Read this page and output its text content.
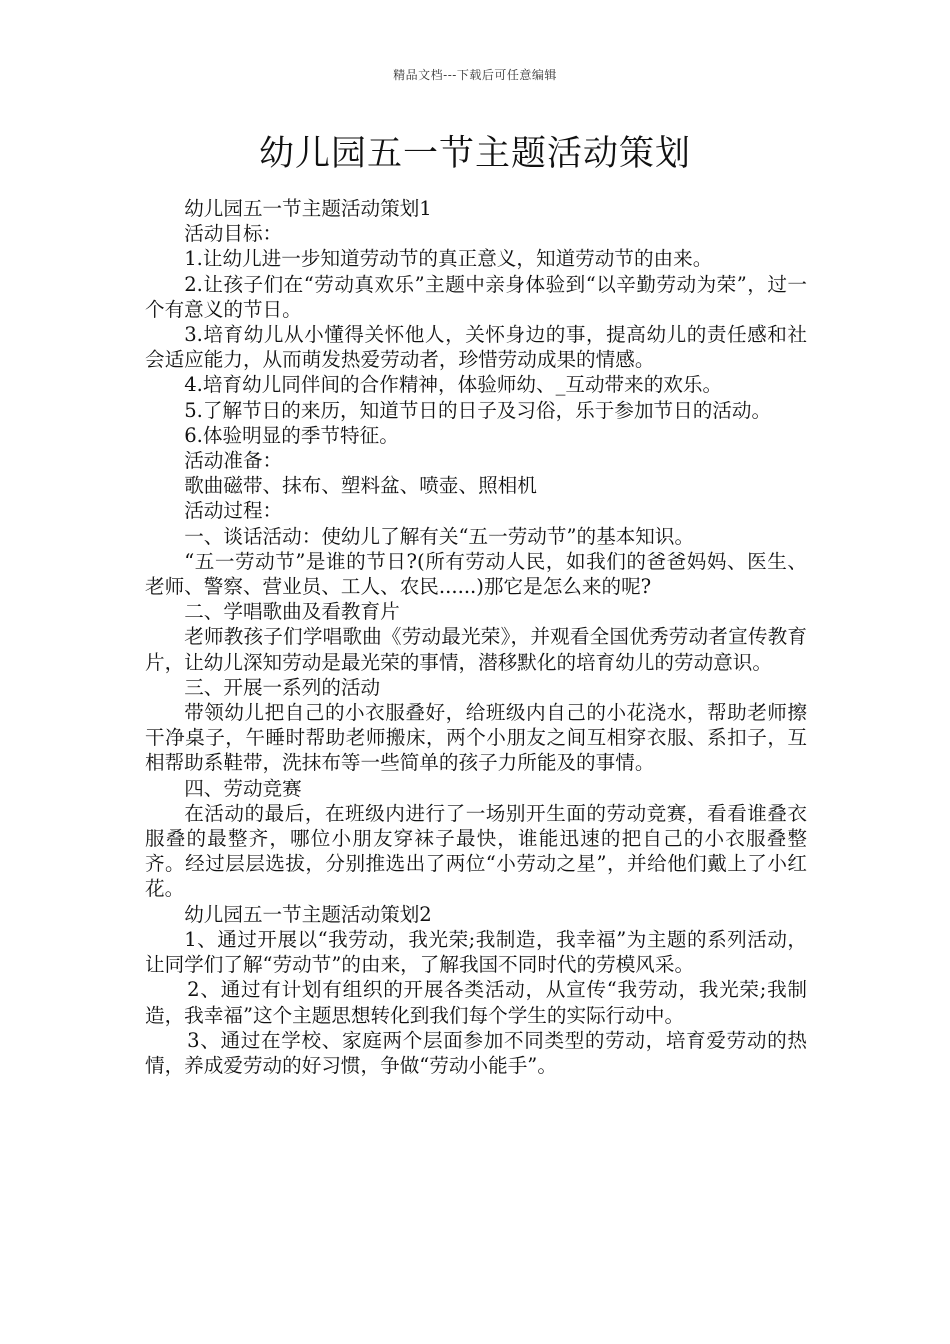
精品文档---下载后可任意编辑
幼儿园五一节主题活动策划

幼儿园五一节主题活动策划1

活动目标：

1.让幼儿进一步知道劳动节的真正意义，知道劳动节的由来。

2.让孩子们在“劳动真欢乐”主题中亲身体验到“以辛勤劳动为荣”，过一个有意义的节日。

3.培育幼儿从小懂得关怀他人，关怀身边的事，提高幼儿的责任感和社会适应能力，从而萌发热爱劳动者，珍惜劳动成果的情感。

4.培育幼儿同伴间的合作精神，体验师幼、_互动带来的欢乐。

5.了解节日的来历，知道节日的日子及习俗，乐于参加节日的活动。

6.体验明显的季节特征。

活动准备：

歌曲磁带、抹布、塑料盆、喷壶、照相机

活动过程：

一、谈话活动：使幼儿了解有关“五一劳动节”的基本知识。

“五一劳动节”是谁的节日?(所有劳动人民，如我们的爸爸妈妈、医生、老师、警察、营业员、工人、农民......)那它是怎么来的呢?

二、学唱歌曲及看教育片

老师教孩子们学唱歌曲《劳动最光荣》，并观看全国优秀劳动者宣传教育片，让幼儿深知劳动是最光荣的事情，潜移默化的培育幼儿的劳动意识。

三、开展一系列的活动

带领幼儿把自己的小衣服叠好，给班级内自己的小花浇水，帮助老师擦干净桌子，午睡时帮助老师搬床，两个小朋友之间互相穿衣服、系扣子，互相帮助系鞋带，洗抹布等一些简单的孩子力所能及的事情。

四、劳动竞赛

在活动的最后，在班级内进行了一场别开生面的劳动竞赛，看看谁叠衣服叠的最整齐，哪位小朋友穿袜子最快，谁能迅速的把自己的小衣服叠整齐。经过层层选拔，分别推选出了两位“小劳动之星”，并给他们戴上了小红花。

幼儿园五一节主题活动策划2

1、通过开展以“我劳动，我光荣;我制造，我幸福”为主题的系列活动，让同学们了解“劳动节”的由来，了解我国不同时代的劳模风采。

2、通过有计划有组织的开展各类活动，从宣传“我劳动，我光荣;我制造，我幸福”这个主题思想转化到我们每个学生的实际行动中。

3、通过在学校、家庭两个层面参加不同类型的劳动，培育爱劳动的热情，养成爱劳动的好习惯，争做“劳动小能手”。
